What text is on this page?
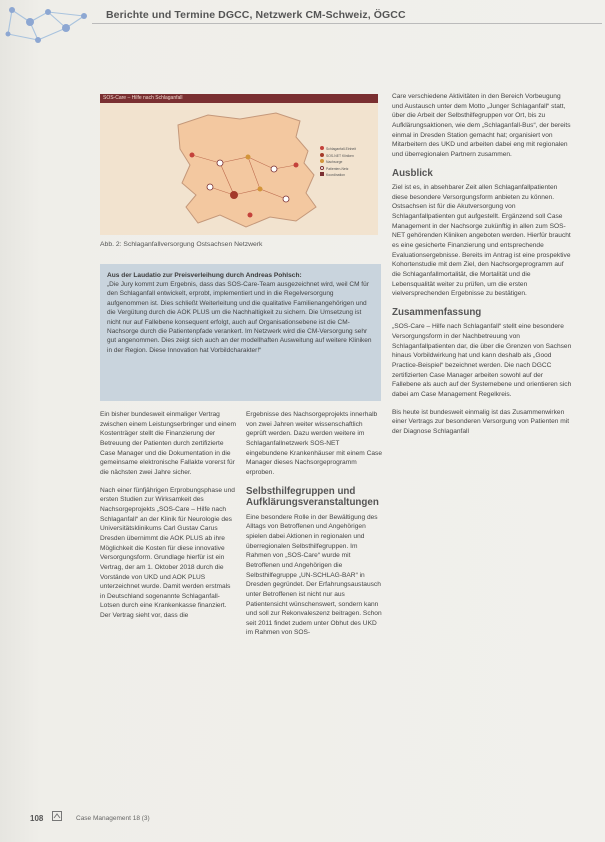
Berichte und Termine DGCC, Netzwerk CM-Schweiz, ÖGCC
SOS-Care – Hilfe nach Schlaganfall
Schlaganfall-Einheit
SOS-NET Kliniken
Nachsorge
Patienten-Netz
Koordination
Abb. 2: Schlaganfallversorgung Ostsachsen Netzwerk
Aus der Laudatio zur Preisverleihung durch Andreas Pohlsch:
„Die Jury kommt zum Ergebnis, dass das SOS-Care-Team ausgezeichnet wird, weil CM für den Schlaganfall entwickelt, erprobt, implementiert und in die Regelversorgung aufgenommen ist. Dies schließt Weiterleitung und die qualitative Familienangehörigen und die Vergütung durch die AOK PLUS um die Nachhaltigkeit zu sichern. Die Umsetzung ist nicht nur auf Fallebene konsequent erfolgt, auch auf Organisationsebene ist die CM-Nachsorge durch die Patientenpfade verankert. Im Netzwerk wird die CM-Versorgung sehr gut angenommen. Dies zeigt sich auch an der modellhaften Ausweitung auf weitere Kliniken in der Region. Diese Innovation hat Vorbildcharakter!“

Ein bisher bundesweit einmaliger Vertrag zwischen einem Leistungserbringer und einem Kostenträger stellt die Finanzierung der Betreuung der Patienten durch zertifizierte Case Manager und die Dokumentation in die gemeinsame elektronische Fallakte vorerst für die nächsten zwei Jahre sicher.

Nach einer fünfjährigen Erprobungsphase und ersten Studien zur Wirksamkeit des Nachsorgeprojekts „SOS-Care – Hilfe nach Schlaganfall“ an der Klinik für Neurologie des Universitätsklinikums Carl Gustav Carus Dresden übernimmt die AOK PLUS ab ihre Möglichkeit die Kosten für diese innovative Versorgungsform. Grundlage hierfür ist ein Vertrag, der am 1. Oktober 2018 durch die Vorstände von UKD und AOK PLUS unterzeichnet wurde. Damit werden erstmals in Deutschland sogenannte Schlaganfall-Lotsen durch eine Krankenkasse finanziert. Der Vertrag sieht vor, dass die

Ergebnisse des Nachsorgeprojekts innerhalb von zwei Jahren weiter wissenschaftlich geprüft werden. Dazu werden weitere im Schlaganfallnetzwerk SOS-NET eingebundene Krankenhäuser mit einem Case Manager dieses Nachsorgeprogramm erproben.

Selbsthilfegruppen und Aufklärungsveranstaltungen

Eine besondere Rolle in der Bewältigung des Alltags von Betroffenen und Angehörigen spielen dabei Aktionen in regionalen und überregionalen Selbsthilfegruppen. Im Rahmen von „SOS-Care“ wurde mit Betroffenen und Angehörigen die Selbsthilfegruppe „UN-SCHLAG-BAR“ in Dresden gegründet. Der Erfahrungsaustausch unter Betroffenen ist nicht nur aus Patientensicht wünschenswert, sondern kann und soll zur Rekonvaleszenz beitragen. Schon seit 2011 findet zudem unter Obhut des UKD im Rahmen von SOS-

Care verschiedene Aktivitäten in den Bereich Vorbeugung und Austausch unter dem Motto „Junger Schlaganfall“ statt, über die Arbeit der Selbsthilfegruppen vor Ort, bis zu Aufklärungsaktionen, wie dem „Schlaganfall-Bus“, der bereits einmal in Dresden Station gemacht hat; organisiert von Mitarbeitern des UKD und arbeiten dabei eng mit regionalen und überregionalen Partnern zusammen.

Ausblick

Ziel ist es, in absehbarer Zeit allen Schlaganfallpatienten diese besondere Versorgungsform anbieten zu können. Ostsachsen ist für die Akutversorgung von Schlaganfallpatienten gut aufgestellt. Ergänzend soll Case Management in der Nachsorge zukünftig in allen zum SOS-NET gehörenden Kliniken angeboten werden. Hierfür braucht es eine gesicherte Finanzierung und entsprechende Evaluationsergebnisse. Bereits im Antrag ist eine prospektive Kohortenstudie mit dem Ziel, den Nachsorgeprogramm auf die Schlaganfallmortalität, die Mortalität und die Lebensqualität weiter zu prüfen, um die ersten vielversprechenden Ergebnisse zu bestätigen.

Zusammenfassung

„SOS-Care – Hilfe nach Schlaganfall“ stellt eine besondere Versorgungsform in der Nachbetreuung von Schlaganfallpatienten dar, die über die Grenzen von Sachsen hinaus Vorbildwirkung hat und kann deshalb als „Good Practice-Beispiel“ bezeichnet werden. Die nach DGCC zertifizierten Case Manager arbeiten sowohl auf der Fallebene als auch auf der Systemebene und orientieren sich dabei am Case Management Regelkreis.

Bis heute ist bundesweit einmalig ist das Zusammenwirken einer Vertrags zur besonderen Versorgung von Patienten mit der Diagnose Schlaganfall

108	Case Management 18 (3)
